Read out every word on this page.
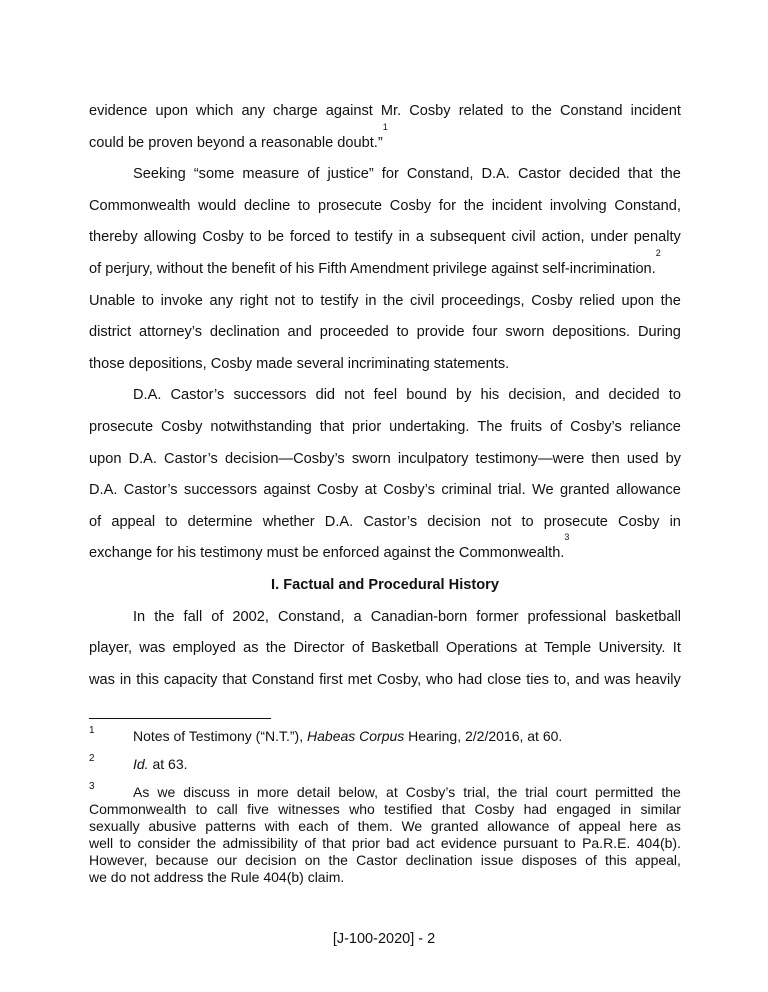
evidence upon which any charge against Mr. Cosby related to the Constand incident
could be proven beyond a reasonable doubt.”
$^1$
Seeking “some measure of justice” for Constand, D.A. Castor decided that the
Commonwealth would decline to prosecute Cosby for the incident involving Constand,
thereby allowing Cosby to be forced to testify in a subsequent civil action, under penalty
of perjury, without the benefit of his Fifth Amendment privilege against self-incrimination.
$^2$
Unable to invoke any right not to testify in the civil proceedings, Cosby relied upon the
district attorney’s declination and proceeded to provide four sworn depositions. During
those depositions, Cosby made several incriminating statements.
D.A. Castor’s successors did not feel bound by his decision, and decided to
prosecute Cosby notwithstanding that prior undertaking. The fruits of Cosby’s reliance
upon D.A. Castor’s decision—Cosby’s sworn inculpatory testimony—were then used by
D.A. Castor’s successors against Cosby at Cosby’s criminal trial. We granted allowance
of appeal to determine whether D.A. Castor’s decision not to prosecute Cosby in
exchange for his testimony must be enforced against the Commonwealth.
$^3$
I. Factual and Procedural History
In the fall of 2002, Constand, a Canadian-born former professional basketball
player, was employed as the Director of Basketball Operations at Temple University. It
was in this capacity that Constand first met Cosby, who had close ties to, and was heavily
1	Notes of Testimony (“N.T.”), Habeas Corpus Hearing, 2/2/2016, at 60.
2	Id. at 63.
3	As we discuss in more detail below, at Cosby’s trial, the trial court permitted the
Commonwealth to call five witnesses who testified that Cosby had engaged in similar
sexually abusive patterns with each of them. We granted allowance of appeal here as
well to consider the admissibility of that prior bad act evidence pursuant to Pa.R.E. 404(b).
However, because our decision on the Castor declination issue disposes of this appeal,
we do not address the Rule 404(b) claim.
[J-100-2020] - 2
